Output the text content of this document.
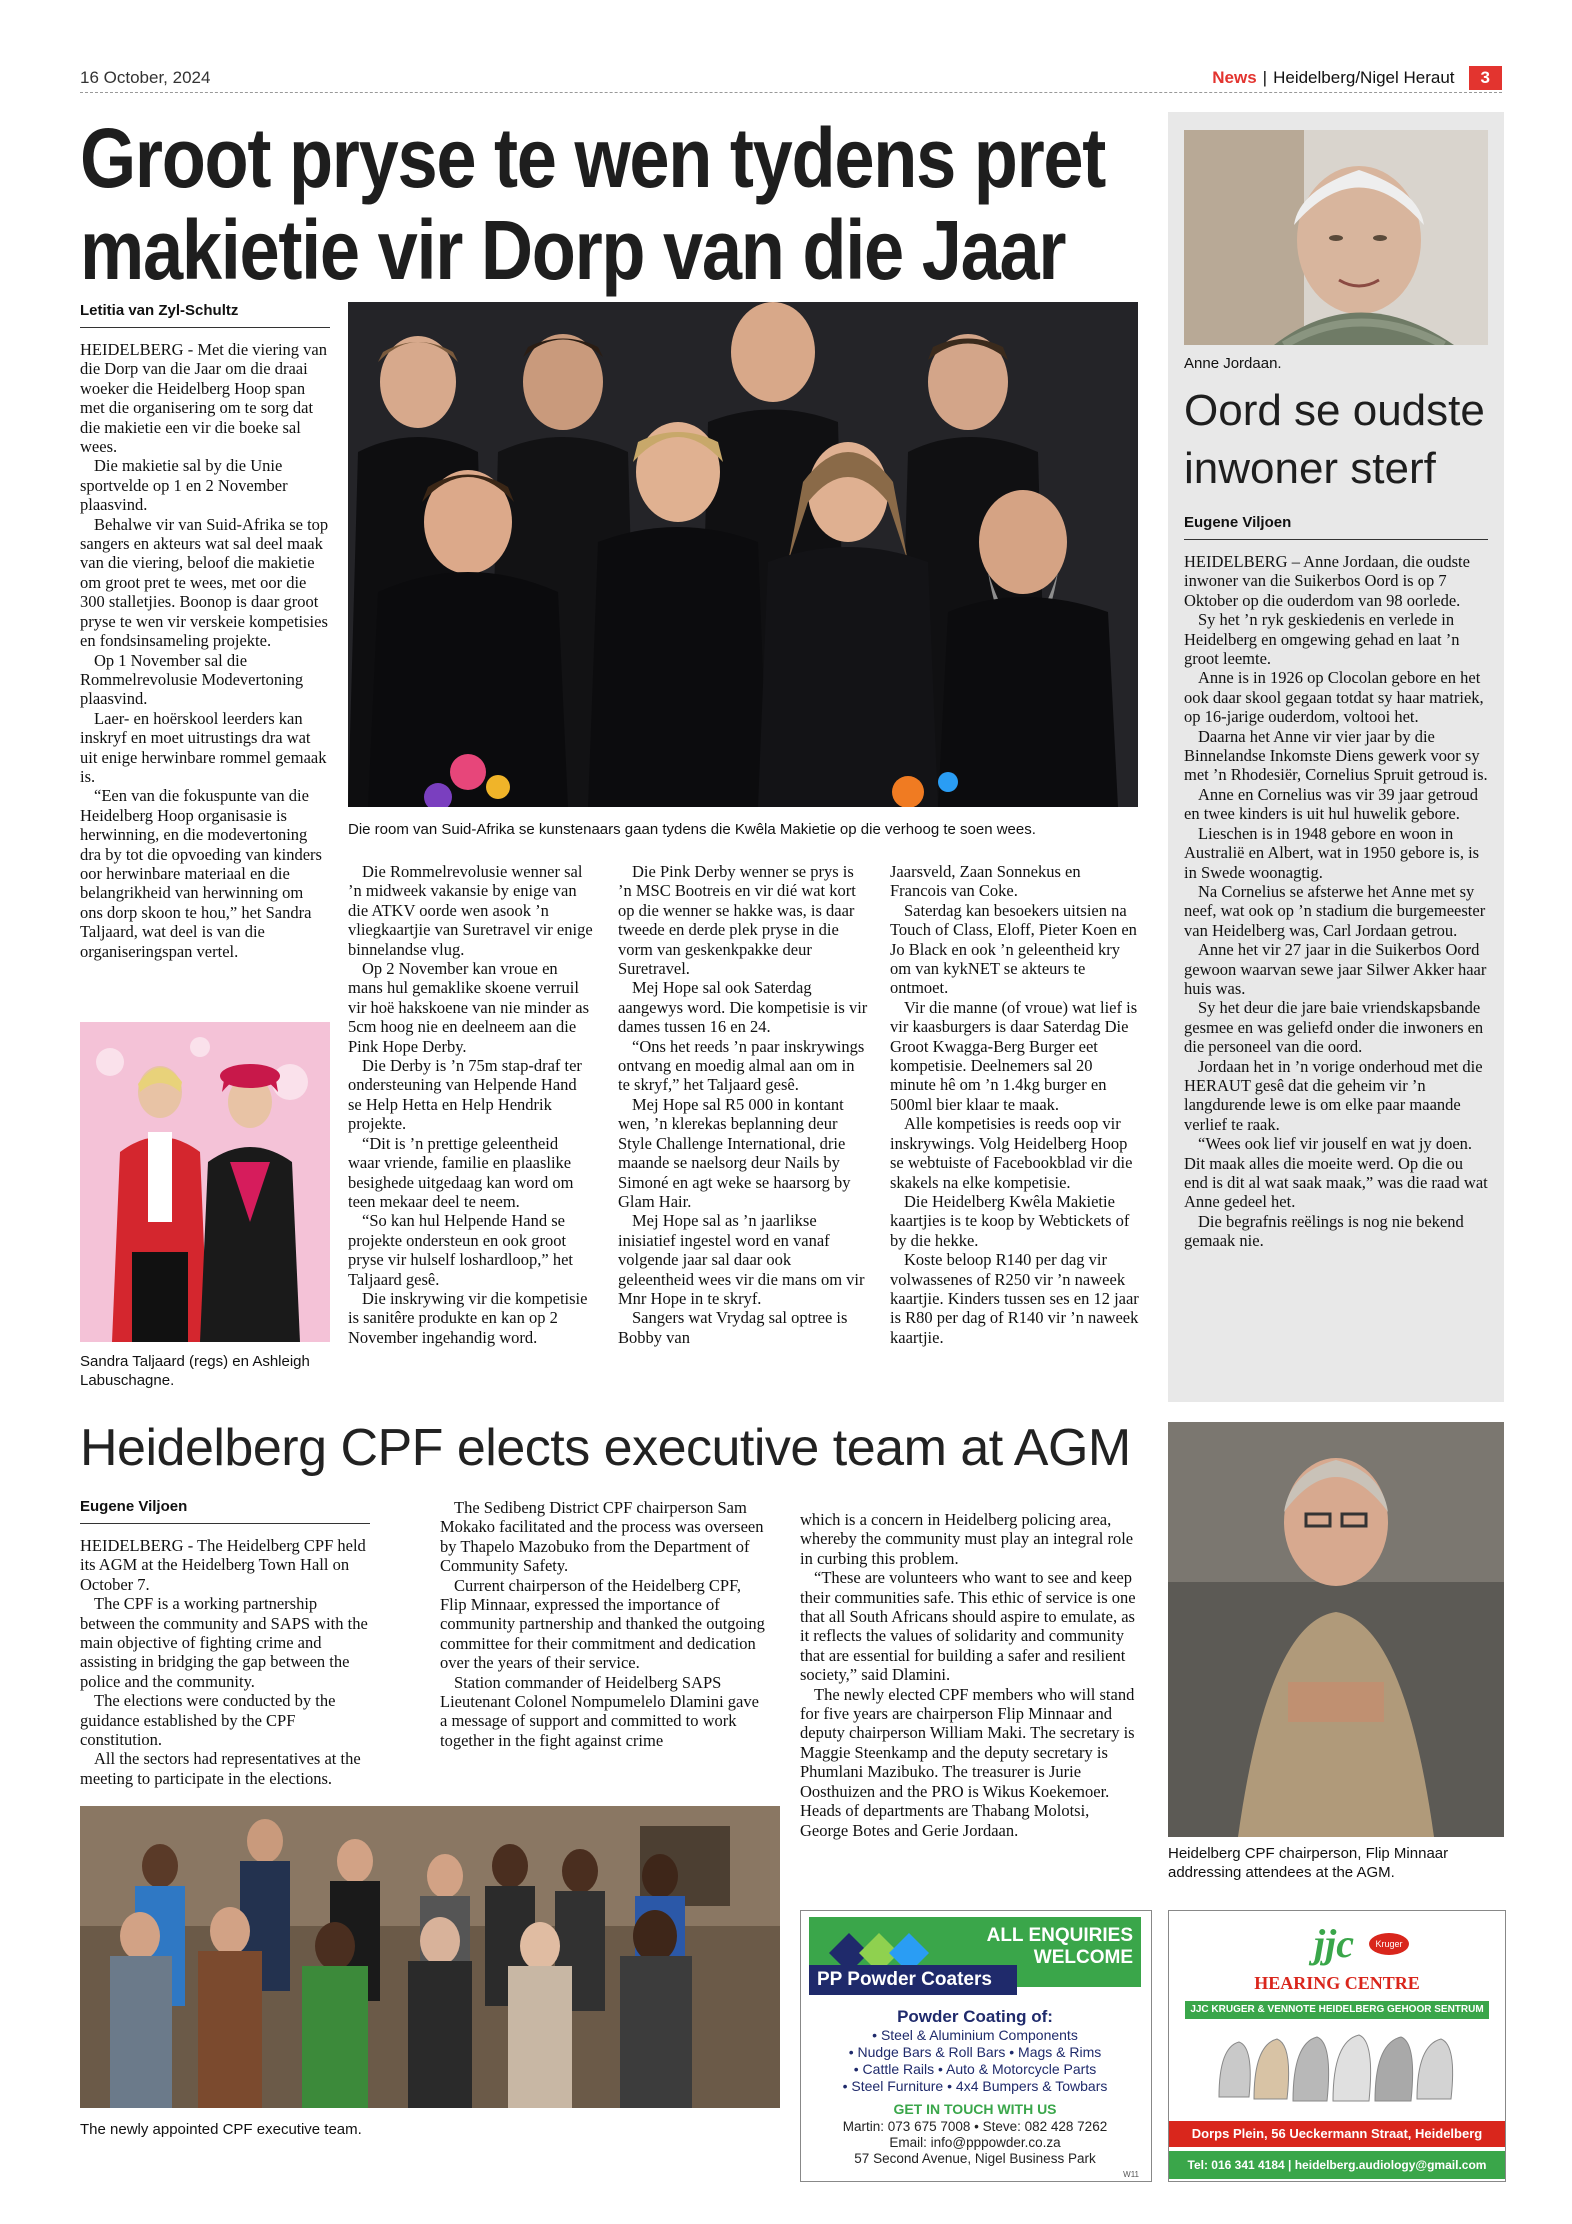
16 October, 2024	News | Heidelberg/Nigel Heraut	3
Groot pryse te wen tydens pret
makietie vir Dorp van die Jaar
Letitia van Zyl-Schultz

HEIDELBERG - Met die viering van die Dorp van die Jaar om die draai woeker die Heidelberg Hoop span met die organisering om te sorg dat die makietie een vir die boeke sal wees.

Die makietie sal by die Unie sportvelde op 1 en 2 November plaasvind.

Behalwe vir van Suid-Afrika se top sangers en akteurs wat sal deel maak van die viering, beloof die makietie om groot pret te wees, met oor die 300 stalletjies. Boonop is daar groot pryse te wen vir verskeie kompetisies en fondsinsameling projekte.

Op 1 November sal die Rommelrevolusie Modevertoning plaasvind.

Laer- en hoërskool leerders kan inskryf en moet uitrustings dra wat uit enige herwinbare rommel gemaak is.

“Een van die fokuspunte van die Heidelberg Hoop organisasie is herwinning, en die modevertoning dra by tot die opvoeding van kinders oor herwinbare materiaal en die belangrikheid van herwinning om ons dorp skoon te hou,” het Sandra Taljaard, wat deel is van die organiseringspan vertel.

Sandra Taljaard (regs) en Ashleigh Labuschagne.
Die room van Suid-Afrika se kunstenaars gaan tydens die Kwêla Makietie op die verhoog te soen wees.

Die Rommelrevolusie wenner sal ’n midweek vakansie by enige van die ATKV oorde wen asook ’n vliegkaartjie van Suretravel vir enige binnelandse vlug.

Op 2 November kan vroue en mans hul gemaklike skoene verruil vir hoë hakskoene van nie minder as 5cm hoog nie en deelneem aan die Pink Hope Derby.

Die Derby is ’n 75m stap-draf ter ondersteuning van Helpende Hand se Help Hetta en Help Hendrik projekte.

“Dit is ’n prettige geleentheid waar vriende, familie en plaaslike besighede uitgedaag kan word om teen mekaar deel te neem.

“So kan hul Helpende Hand se projekte ondersteun en ook groot pryse vir hulself loshardloop,” het Taljaard gesê.

Die inskrywing vir die kompetisie is sanitêre produkte en kan op 2 November ingehandig word.

Die Pink Derby wenner se prys is ’n MSC Bootreis en vir dié wat kort op die wenner se hakke was, is daar tweede en derde plek pryse in die vorm van geskenkpakke deur Suretravel.

Mej Hope sal ook Saterdag aangewys word. Die kompetisie is vir dames tussen 16 en 24.

“Ons het reeds ’n paar inskrywings ontvang en moedig almal aan om in te skryf,” het Taljaard gesê.

Mej Hope sal R5 000 in kontant wen, ’n klerekas beplanning deur Style Challenge International, drie maande se naelsorg deur Nails by Simoné en agt weke se haarsorg by Glam Hair.

Mej Hope sal as ’n jaarlikse inisiatief ingestel word en vanaf volgende jaar sal daar ook geleentheid wees vir die mans om vir Mnr Hope in te skryf.

Sangers wat Vrydag sal optree is Bobby van

Jaarsveld, Zaan Sonnekus en Francois van Coke.

Saterdag kan besoekers uitsien na Touch of Class, Eloff, Pieter Koen en Jo Black en ook ’n geleentheid kry om van kykNET se akteurs te ontmoet.

Vir die manne (of vroue) wat lief is vir kaasburgers is daar Saterdag Die Groot Kwagga-Berg Burger eet kompetisie. Deelnemers sal 20 minute hê om ’n 1.4kg burger en 500ml bier klaar te maak.

Alle kompetisies is reeds oop vir inskrywings. Volg Heidelberg Hoop se webtuiste of Facebookblad vir die skakels na elke kompetisie.

Die Heidelberg Kwêla Makietie kaartjies is te koop by Webtickets of by die hekke.

Koste beloop R140 per dag vir volwassenes of R250 vir ’n naweek kaartjie. Kinders tussen ses en 12 jaar is R80 per dag of R140 vir ’n naweek kaartjie.

Anne Jordaan.
Oord se oudste
inwoner sterf
Eugene Viljoen

HEIDELBERG – Anne Jordaan, die oudste inwoner van die Suikerbos Oord is op 7 Oktober op die ouderdom van 98 oorlede.

Sy het ’n ryk geskiedenis en verlede in Heidelberg en omgewing gehad en laat ’n groot leemte.

Anne is in 1926 op Clocolan gebore en het ook daar skool gegaan totdat sy haar matriek, op 16-jarige ouderdom, voltooi het.

Daarna het Anne vir vier jaar by die Binnelandse Inkomste Diens gewerk voor sy met ’n Rhodesiër, Cornelius Spruit getroud is.

Anne en Cornelius was vir 39 jaar getroud en twee kinders is uit hul huwelik gebore.

Lieschen is in 1948 gebore en woon in Australië en Albert, wat in 1950 gebore is, is in Swede woonagtig.

Na Cornelius se afsterwe het Anne met sy neef, wat ook op ’n stadium die burgemeester van Heidelberg was, Carl Jordaan getrou.

Anne het vir 27 jaar in die Suikerbos Oord gewoon waarvan sewe jaar Silwer Akker haar huis was.

Sy het deur die jare baie vriendskapsbande gesmee en was geliefd onder die inwoners en die personeel van die oord.

Jordaan het in ’n vorige onderhoud met die HERAUT gesê dat die geheim vir ’n langdurende lewe is om elke paar maande verlief te raak.

“Wees ook lief vir jouself en wat jy doen. Dit maak alles die moeite werd. Op die ou end is dit al wat saak maak,” was die raad wat Anne gedeel het.

Die begrafnis reëlings is nog nie bekend gemaak nie.

Heidelberg CPF elects executive team at AGM
Eugene Viljoen

HEIDELBERG - The Heidelberg CPF held its AGM at the Heidelberg Town Hall on October 7.

The CPF is a working partnership between the community and SAPS with the main objective of fighting crime and assisting in bridging the gap between the police and the community.

The elections were conducted by the guidance established by the CPF constitution.

All the sectors had representatives at the meeting to participate in the elections.

The Sedibeng District CPF chairperson Sam Mokako facilitated and the process was overseen by Thapelo Mazobuko from the Department of Community Safety.

Current chairperson of the Heidelberg CPF, Flip Minnaar, expressed the importance of community partnership and thanked the outgoing committee for their commitment and dedication over the years of their service.

Station commander of Heidelberg SAPS Lieutenant Colonel Nompumelelo Dlamini gave a message of support and committed to work together in the fight against crime

which is a concern in Heidelberg policing area, whereby the community must play an integral role in curbing this problem.

“These are volunteers who want to see and keep their communities safe. This ethic of service is one that all South Africans should aspire to emulate, as it reflects the values of solidarity and community that are essential for building a safer and resilient society,” said Dlamini.

The newly elected CPF members who will stand for five years are chairperson Flip Minnaar and deputy chairperson William Maki. The secretary is Maggie Steenkamp and the deputy secretary is Phumlani Mazibuko. The treasurer is Jurie Oosthuizen and the PRO is Wikus Koekemoer. Heads of departments are Thabang Molotsi, George Botes and Gerie Jordaan.

The newly appointed CPF executive team.
Heidelberg CPF chairperson, Flip Minnaar addressing attendees at the AGM.
ALL ENQUIRIES
WELCOME
PP Powder Coaters
Powder Coating of:
• Steel & Aluminium Components
• Nudge Bars & Roll Bars • Mags & Rims
• Cattle Rails • Auto & Motorcycle Parts
• Steel Furniture • 4x4 Bumpers & Towbars
GET IN TOUCH WITH US
Martin: 073 675 7008 • Steve: 082 428 7262
Email: info@pppowder.co.za
57 Second Avenue, Nigel Business Park
W11
jjc	Kruger
HEARING CENTRE
JJC KRUGER & VENNOTE HEIDELBERG GEHOOR SENTRUM
Dorps Plein, 56 Ueckermann Straat, Heidelberg
Tel: 016 341 4184 | heidelberg.audiology@gmail.com
